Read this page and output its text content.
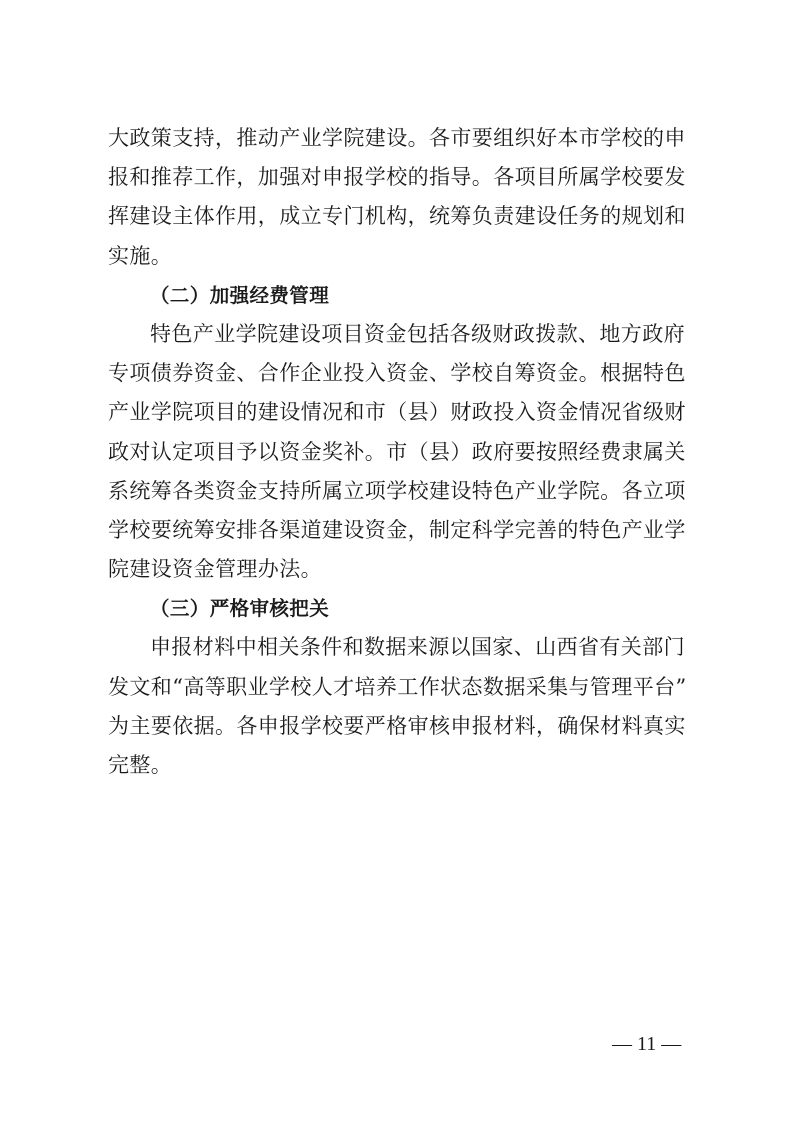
大政策支持，推动产业学院建设。各市要组织好本市学校的申
报和推荐工作，加强对申报学校的指导。各项目所属学校要发
挥建设主体作用，成立专门机构，统筹负责建设任务的规划和
实施。
（二）加强经费管理
特色产业学院建设项目资金包括各级财政拨款、地方政府
专项债券资金、合作企业投入资金、学校自筹资金。根据特色
产业学院项目的建设情况和市（县）财政投入资金情况省级财
政对认定项目予以资金奖补。市（县）政府要按照经费隶属关
系统筹各类资金支持所属立项学校建设特色产业学院。各立项
学校要统筹安排各渠道建设资金，制定科学完善的特色产业学
院建设资金管理办法。
（三）严格审核把关
申报材料中相关条件和数据来源以国家、山西省有关部门
发文和“高等职业学校人才培养工作状态数据采集与管理平台”
为主要依据。各申报学校要严格审核申报材料，确保材料真实
完整。
— 11 —
